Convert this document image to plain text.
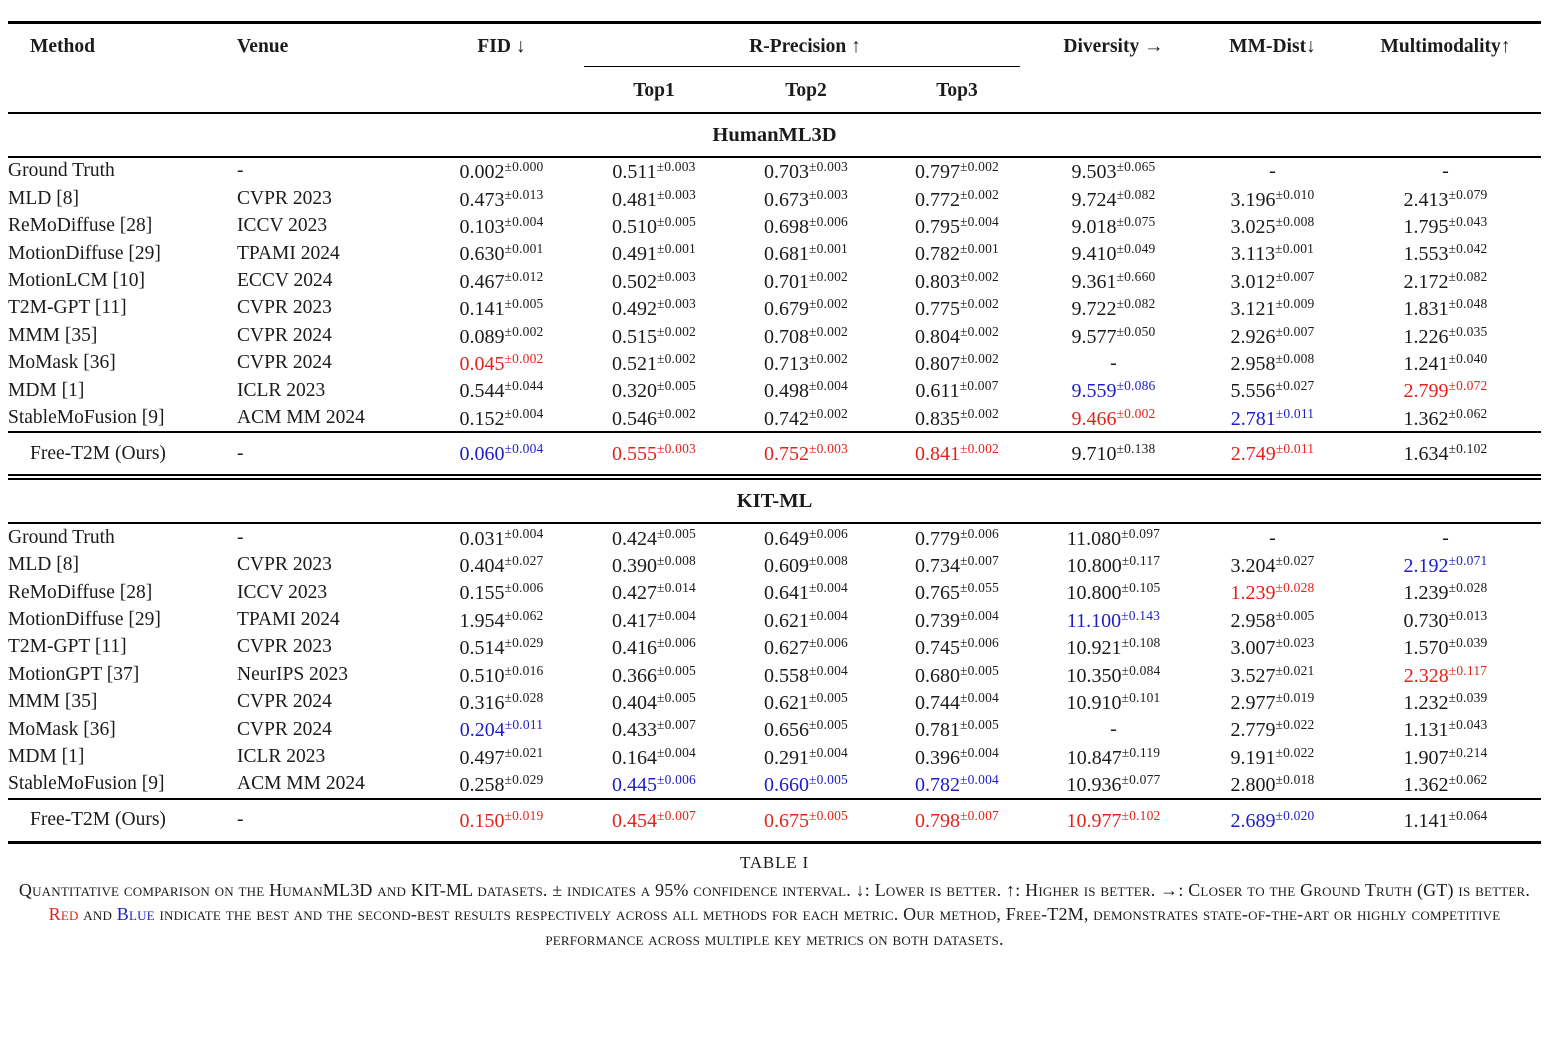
Method	Venue	FID ↓	R-Precision ↑			Diversity →	MM-Dist↓	Multimodality↑
			Top1	Top2	Top3			
HumanML3D								
Ground Truth	-	$0.002^{\pm 0.000}$	$0.511^{\pm 0.003}$	$0.703^{\pm 0.003}$	$0.797^{\pm 0.002}$	$9.503^{\pm 0.065}$	-	-
MLD [8]	CVPR 2023	$0.473^{\pm 0.013}$	$0.481^{\pm 0.003}$	$0.673^{\pm 0.003}$	$0.772^{\pm 0.002}$	$9.724^{\pm 0.082}$	$3.196^{\pm 0.010}$	$2.413^{\pm 0.079}$
ReMoDiffuse [28]	ICCV 2023	$0.103^{\pm 0.004}$	$0.510^{\pm 0.005}$	$0.698^{\pm 0.006}$	$0.795^{\pm 0.004}$	$9.018^{\pm 0.075}$	$3.025^{\pm 0.008}$	$1.795^{\pm 0.043}$
MotionDiffuse [29]	TPAMI 2024	$0.630^{\pm 0.001}$	$0.491^{\pm 0.001}$	$0.681^{\pm 0.001}$	$0.782^{\pm 0.001}$	$9.410^{\pm 0.049}$	$3.113^{\pm 0.001}$	$1.553^{\pm 0.042}$
MotionLCM [10]	ECCV 2024	$0.467^{\pm 0.012}$	$0.502^{\pm 0.003}$	$0.701^{\pm 0.002}$	$0.803^{\pm 0.002}$	$9.361^{\pm 0.660}$	$3.012^{\pm 0.007}$	$2.172^{\pm 0.082}$
T2M-GPT [11]	CVPR 2023	$0.141^{\pm 0.005}$	$0.492^{\pm 0.003}$	$0.679^{\pm 0.002}$	$0.775^{\pm 0.002}$	$9.722^{\pm 0.082}$	$3.121^{\pm 0.009}$	$1.831^{\pm 0.048}$
MMM [35]	CVPR 2024	$0.089^{\pm 0.002}$	$0.515^{\pm 0.002}$	$0.708^{\pm 0.002}$	$0.804^{\pm 0.002}$	$9.577^{\pm 0.050}$	$2.926^{\pm 0.007}$	$1.226^{\pm 0.035}$
MoMask [36]	CVPR 2024	$0.045^{\pm 0.002}$	$0.521^{\pm 0.002}$	$0.713^{\pm 0.002}$	$0.807^{\pm 0.002}$	-	$2.958^{\pm 0.008}$	$1.241^{\pm 0.040}$
MDM [1]	ICLR 2023	$0.544^{\pm 0.044}$	$0.320^{\pm 0.005}$	$0.498^{\pm 0.004}$	$0.611^{\pm 0.007}$	$9.559^{\pm 0.086}$	$5.556^{\pm 0.027}$	$2.799^{\pm 0.072}$
StableMoFusion [9]	ACM MM 2024	$0.152^{\pm 0.004}$	$0.546^{\pm 0.002}$	$0.742^{\pm 0.002}$	$0.835^{\pm 0.002}$	$9.466^{\pm 0.002}$	$2.781^{\pm 0.011}$	$1.362^{\pm 0.062}$
Free-T2M (Ours)	-	$0.060^{\pm 0.004}$	$0.555^{\pm 0.003}$	$0.752^{\pm 0.003}$	$0.841^{\pm 0.002}$	$9.710^{\pm 0.138}$	$2.749^{\pm 0.011}$	$1.634^{\pm 0.102}$
KIT-ML								
Ground Truth	-	$0.031^{\pm 0.004}$	$0.424^{\pm 0.005}$	$0.649^{\pm 0.006}$	$0.779^{\pm 0.006}$	$11.080^{\pm 0.097}$	-	-
MLD [8]	CVPR 2023	$0.404^{\pm 0.027}$	$0.390^{\pm 0.008}$	$0.609^{\pm 0.008}$	$0.734^{\pm 0.007}$	$10.800^{\pm 0.117}$	$3.204^{\pm 0.027}$	$2.192^{\pm 0.071}$
ReMoDiffuse [28]	ICCV 2023	$0.155^{\pm 0.006}$	$0.427^{\pm 0.014}$	$0.641^{\pm 0.004}$	$0.765^{\pm 0.055}$	$10.800^{\pm 0.105}$	$1.239^{\pm 0.028}$	$1.239^{\pm 0.028}$
MotionDiffuse [29]	TPAMI 2024	$1.954^{\pm 0.062}$	$0.417^{\pm 0.004}$	$0.621^{\pm 0.004}$	$0.739^{\pm 0.004}$	$11.100^{\pm 0.143}$	$2.958^{\pm 0.005}$	$0.730^{\pm 0.013}$
T2M-GPT [11]	CVPR 2023	$0.514^{\pm 0.029}$	$0.416^{\pm 0.006}$	$0.627^{\pm 0.006}$	$0.745^{\pm 0.006}$	$10.921^{\pm 0.108}$	$3.007^{\pm 0.023}$	$1.570^{\pm 0.039}$
MotionGPT [37]	NeurIPS 2023	$0.510^{\pm 0.016}$	$0.366^{\pm 0.005}$	$0.558^{\pm 0.004}$	$0.680^{\pm 0.005}$	$10.350^{\pm 0.084}$	$3.527^{\pm 0.021}$	$2.328^{\pm 0.117}$
MMM [35]	CVPR 2024	$0.316^{\pm 0.028}$	$0.404^{\pm 0.005}$	$0.621^{\pm 0.005}$	$0.744^{\pm 0.004}$	$10.910^{\pm 0.101}$	$2.977^{\pm 0.019}$	$1.232^{\pm 0.039}$
MoMask [36]	CVPR 2024	$0.204^{\pm 0.011}$	$0.433^{\pm 0.007}$	$0.656^{\pm 0.005}$	$0.781^{\pm 0.005}$	-	$2.779^{\pm 0.022}$	$1.131^{\pm 0.043}$
MDM [1]	ICLR 2023	$0.497^{\pm 0.021}$	$0.164^{\pm 0.004}$	$0.291^{\pm 0.004}$	$0.396^{\pm 0.004}$	$10.847^{\pm 0.119}$	$9.191^{\pm 0.022}$	$1.907^{\pm 0.214}$
StableMoFusion [9]	ACM MM 2024	$0.258^{\pm 0.029}$	$0.445^{\pm 0.006}$	$0.660^{\pm 0.005}$	$0.782^{\pm 0.004}$	$10.936^{\pm 0.077}$	$2.800^{\pm 0.018}$	$1.362^{\pm 0.062}$
Free-T2M (Ours)	-	$0.150^{\pm 0.019}$	$0.454^{\pm 0.007}$	$0.675^{\pm 0.005}$	$0.798^{\pm 0.007}$	$10.977^{\pm 0.102}$	$2.689^{\pm 0.020}$	$1.141^{\pm 0.064}$
TABLE I
Quantitative comparison on the HumanML3D and KIT-ML datasets. ± indicates a 95% confidence interval. ↓: Lower is better. ↑: Higher is better. →: Closer to the Ground Truth (GT) is better. Red and Blue indicate the best and the second-best results respectively across all methods for each metric. Our method, Free-T2M, demonstrates state-of-the-art or highly competitive performance across multiple key metrics on both datasets.
